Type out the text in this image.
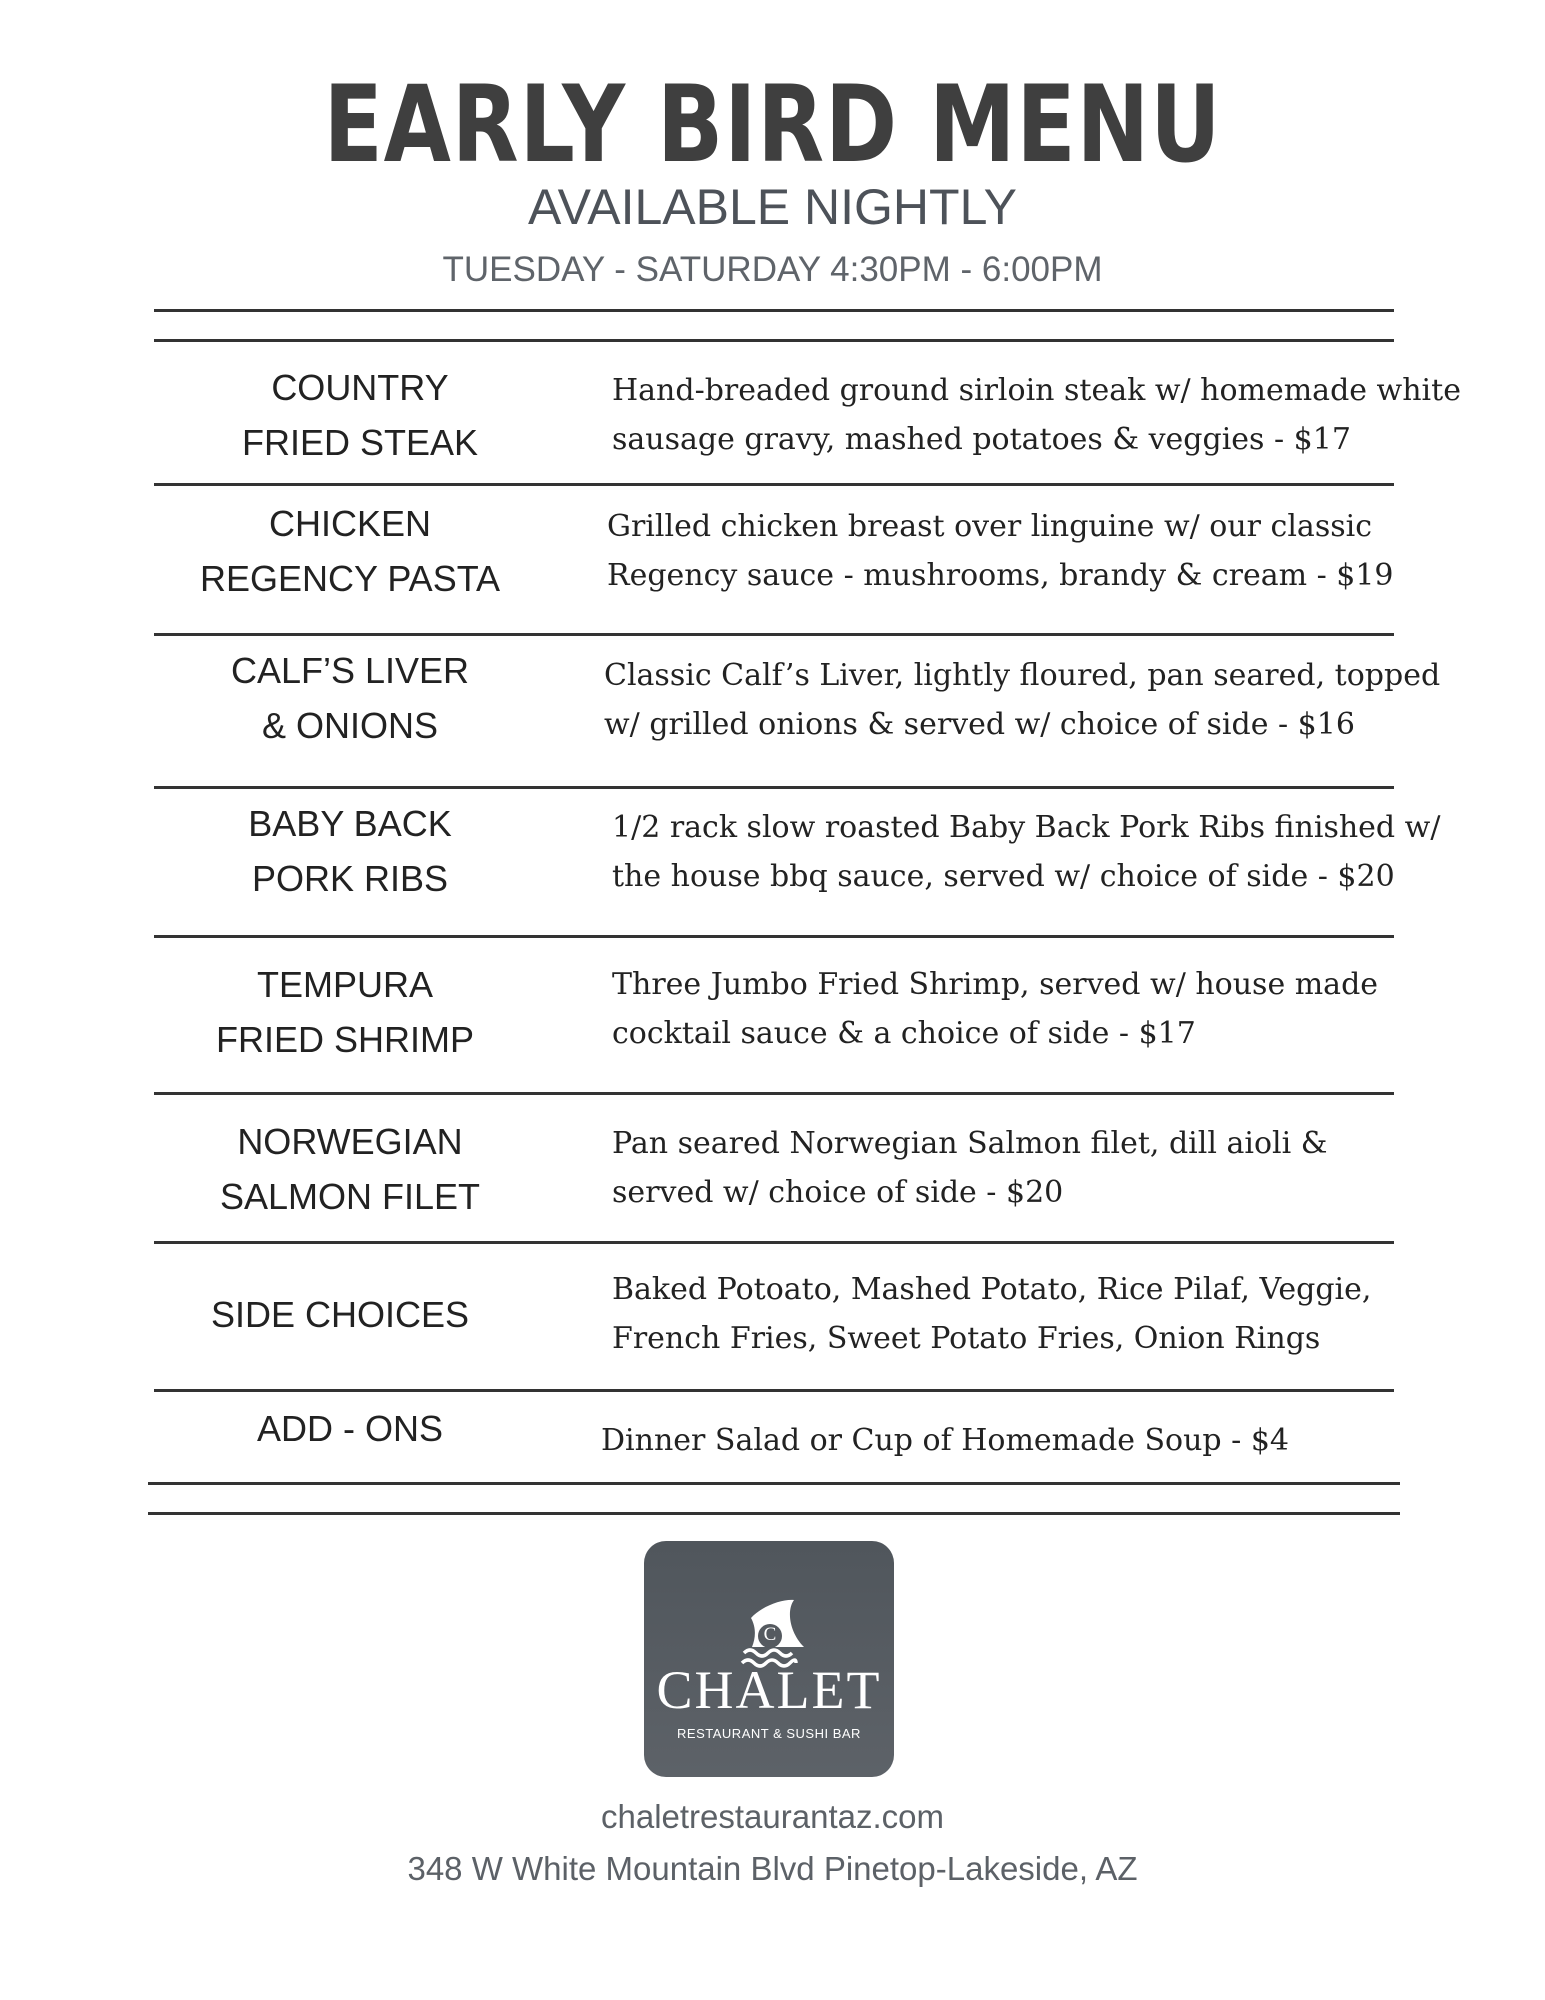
EARLY BIRD MENU
AVAILABLE NIGHTLY
TUESDAY - SATURDAY 4:30PM - 6:00PM
COUNTRY
FRIED STEAK
Hand-breaded ground sirloin steak w/ homemade white
sausage gravy, mashed potatoes & veggies - $17
CHICKEN
REGENCY PASTA
Grilled chicken breast over linguine w/ our classic
Regency sauce - mushrooms, brandy & cream - $19
CALF’S LIVER
& ONIONS
Classic Calf’s Liver, lightly floured, pan seared, topped
w/ grilled onions & served w/ choice of side - $16
BABY BACK
PORK RIBS
1/2 rack slow roasted Baby Back Pork Ribs finished w/
the house bbq sauce, served w/ choice of side - $20
TEMPURA
FRIED SHRIMP
Three Jumbo Fried Shrimp, served w/ house made
cocktail sauce & a choice of side - $17
NORWEGIAN
SALMON FILET
Pan seared Norwegian Salmon filet, dill aioli &
served w/ choice of side - $20
SIDE CHOICES
Baked Potoato, Mashed Potato, Rice Pilaf, Veggie,
French Fries, Sweet Potato Fries, Onion Rings
ADD - ONS	Dinner Salad or Cup of Homemade Soup - $4
C
CHALET
RESTAURANT & SUSHI BAR
chaletrestaurantaz.com
348 W White Mountain Blvd Pinetop-Lakeside, AZ
